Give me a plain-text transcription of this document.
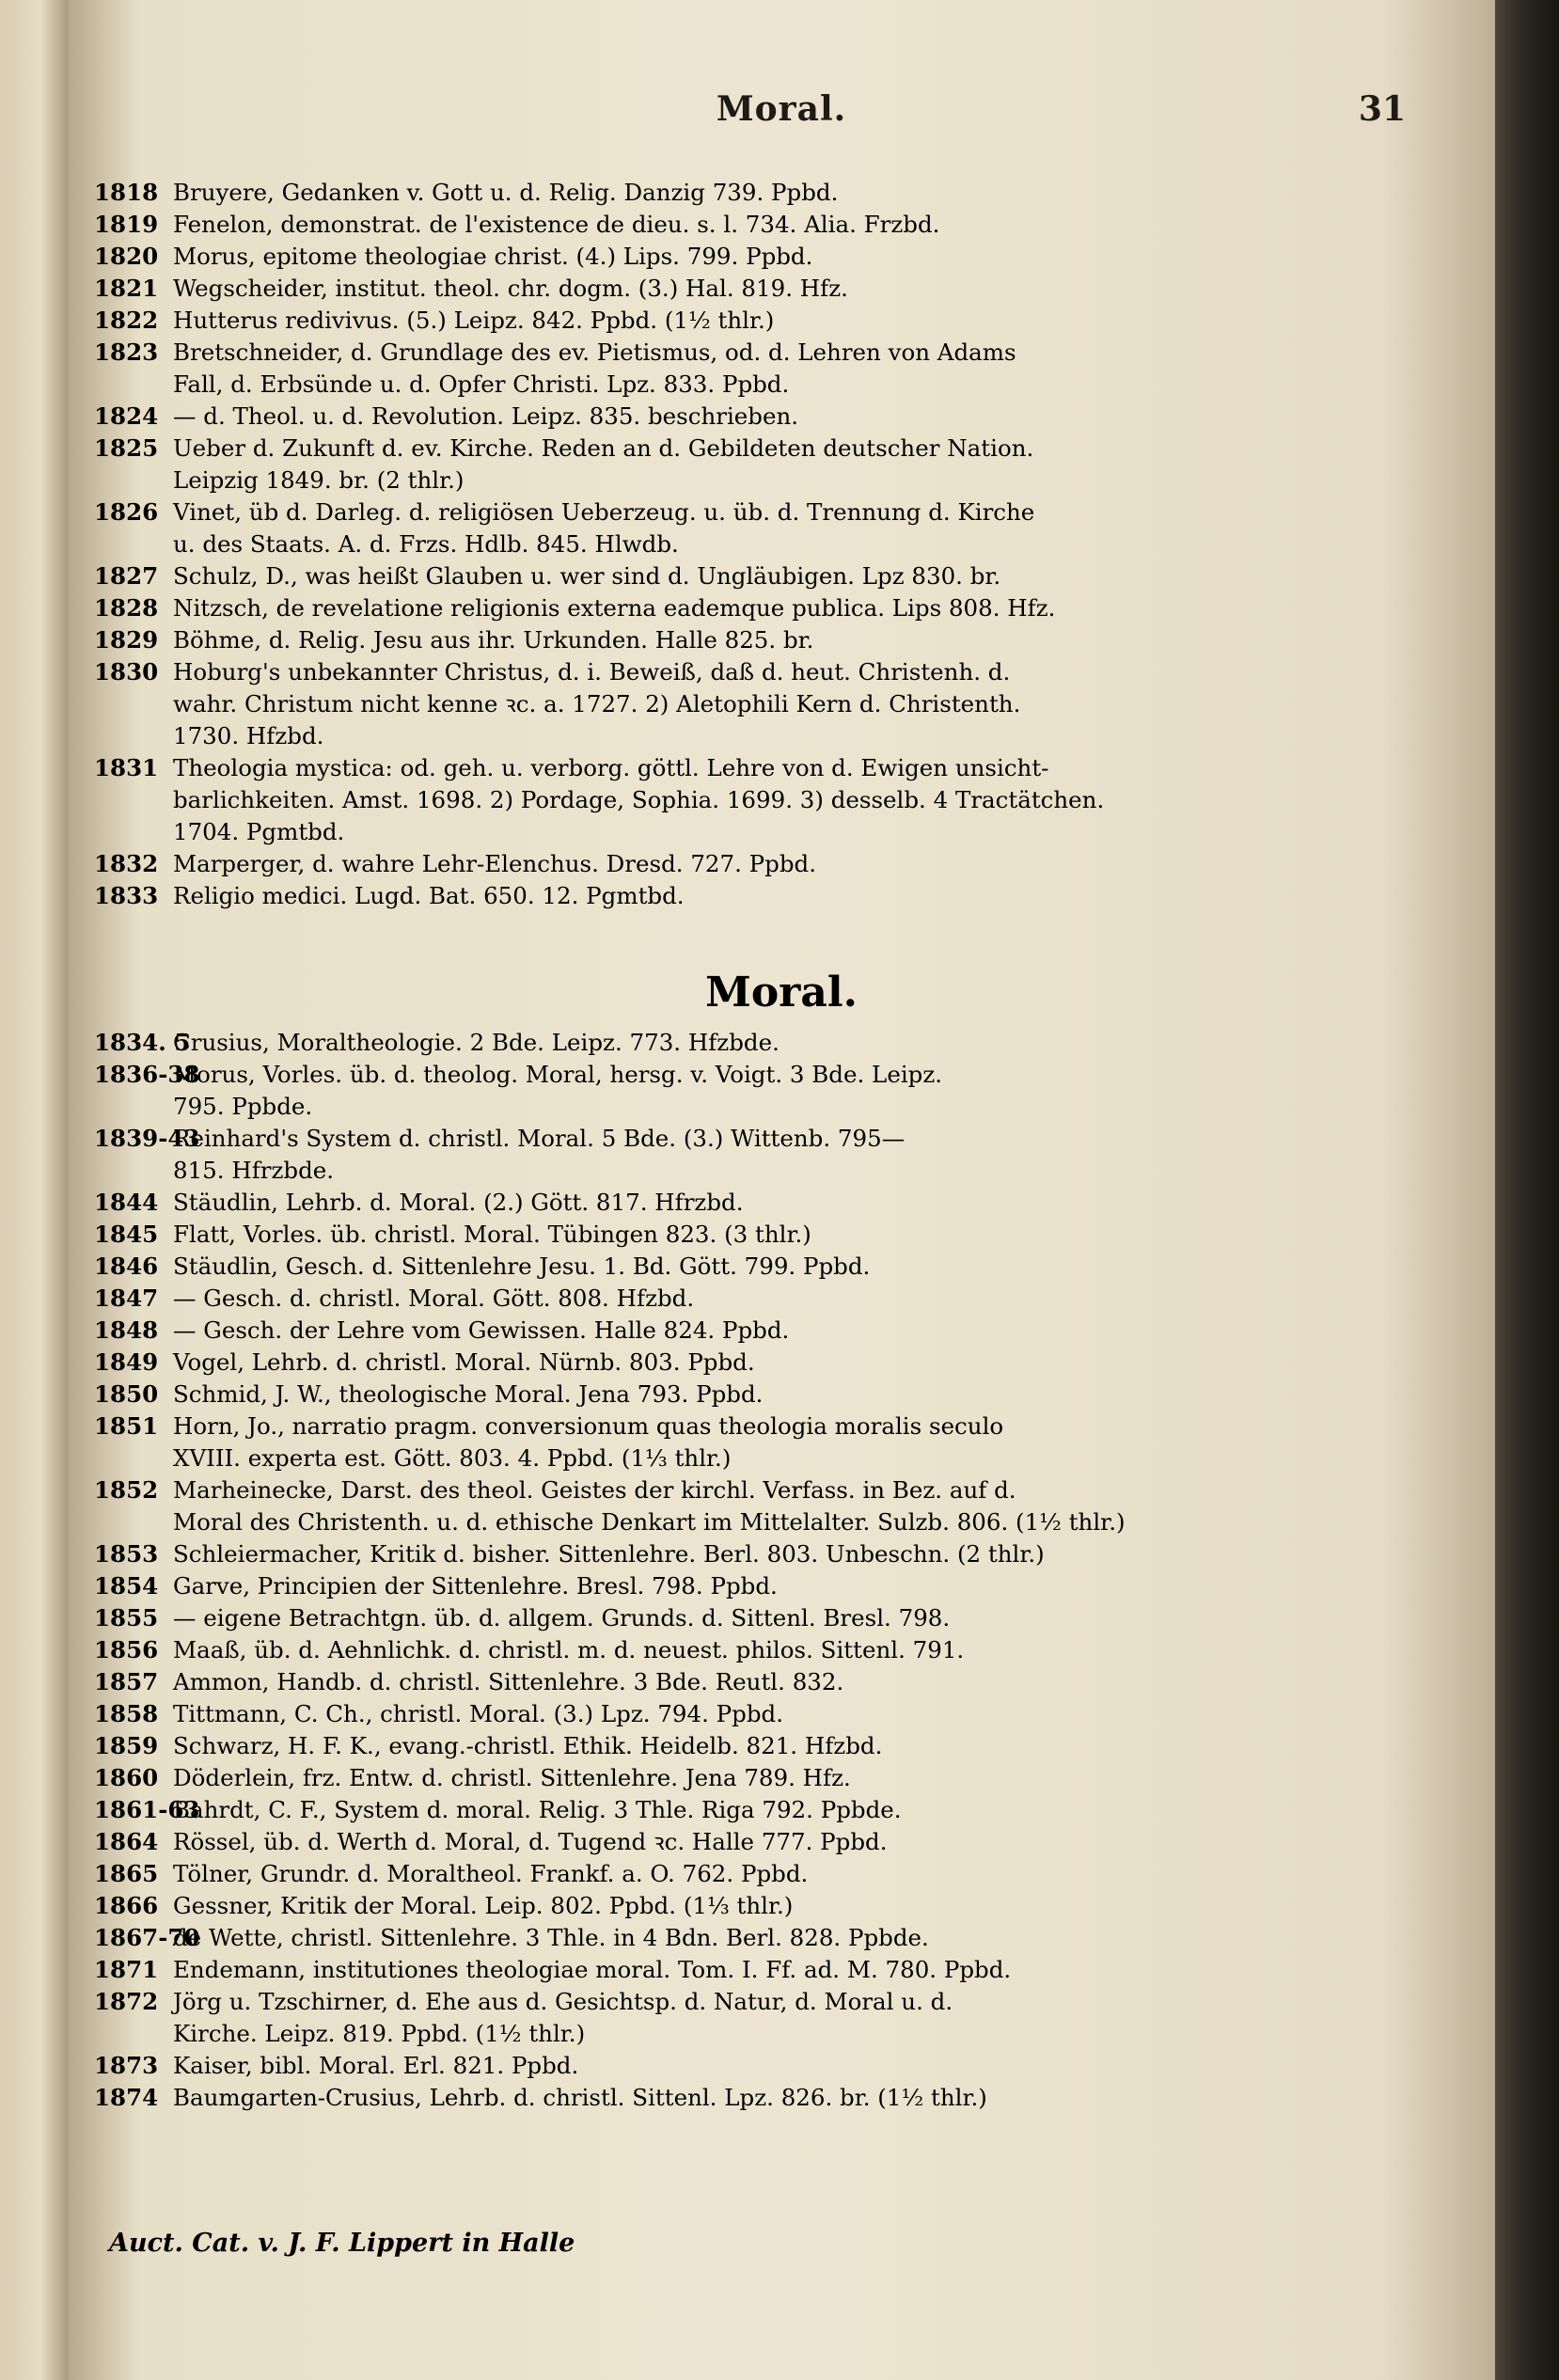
Moral.	31
1818 Bruyere, Gedanken v. Gott u. d. Relig. Danzig 739. Ppbd.
1819 Fenelon, demonstrat. de l'existence de dieu. s. l. 734. Alia. Frzbd.
1820 Morus, epitome theologiae christ. (4.) Lips. 799. Ppbd.
1821 Wegscheider, institut. theol. chr. dogm. (3.) Hal. 819. Hfz.
1822 Hutterus redivivus. (5.) Leipz. 842. Ppbd. (1½ thlr.)
1823 Bretschneider, d. Grundlage des ev. Pietismus, od. d. Lehren von Adams
Fall, d. Erbsünde u. d. Opfer Christi. Lpz. 833. Ppbd.
1824 — d. Theol. u. d. Revolution. Leipz. 835. beschrieben.
1825 Ueber d. Zukunft d. ev. Kirche. Reden an d. Gebildeten deutscher Nation.
Leipzig 1849. br. (2 thlr.)
1826 Vinet, üb d. Darleg. d. religiösen Ueberzeug. u. üb. d. Trennung d. Kirche
u. des Staats. A. d. Frzs. Hdlb. 845. Hlwdb.
1827 Schulz, D., was heißt Glauben u. wer sind d. Ungläubigen. Lpz 830. br.
1828 Nitzsch, de revelatione religionis externa eademque publica. Lips 808. Hfz.
1829 Böhme, d. Relig. Jesu aus ihr. Urkunden. Halle 825. br.
1830 Hoburg's unbekannter Christus, d. i. Beweiß, daß d. heut. Christenh. d.
wahr. Christum nicht kenne ꝛc. a. 1727. 2) Aletophili Kern d. Christenth.
1730. Hfzbd.
1831 Theologia mystica: od. geh. u. verborg. göttl. Lehre von d. Ewigen unsicht-
barlichkeiten. Amst. 1698. 2) Pordage, Sophia. 1699. 3) desselb. 4 Tractätchen.
1704. Pgmtbd.
1832 Marperger, d. wahre Lehr-Elenchus. Dresd. 727. Ppbd.
1833 Religio medici. Lugd. Bat. 650. 12. Pgmtbd.
Moral.
1834. 5
Crusius, Moraltheologie. 2 Bde. Leipz. 773. Hfzbde.
1836-38
Morus, Vorles. üb. d. theolog. Moral, hersg. v. Voigt. 3 Bde. Leipz.
795. Ppbde.
1839-43
Reinhard's System d. christl. Moral. 5 Bde. (3.) Wittenb. 795—
815. Hfrzbde.
1844 Stäudlin, Lehrb. d. Moral. (2.) Gött. 817. Hfrzbd.
1845 Flatt, Vorles. üb. christl. Moral. Tübingen 823. (3 thlr.)
1846 Stäudlin, Gesch. d. Sittenlehre Jesu. 1. Bd. Gött. 799. Ppbd.
1847 — Gesch. d. christl. Moral. Gött. 808. Hfzbd.
1848 — Gesch. der Lehre vom Gewissen. Halle 824. Ppbd.
1849 Vogel, Lehrb. d. christl. Moral. Nürnb. 803. Ppbd.
1850 Schmid, J. W., theologische Moral. Jena 793. Ppbd.
1851 Horn, Jo., narratio pragm. conversionum quas theologia moralis seculo
XVIII. experta est. Gött. 803. 4. Ppbd. (1⅓ thlr.)
1852 Marheinecke, Darst. des theol. Geistes der kirchl. Verfass. in Bez. auf d.
Moral des Christenth. u. d. ethische Denkart im Mittelalter. Sulzb. 806. (1½ thlr.)
1853 Schleiermacher, Kritik d. bisher. Sittenlehre. Berl. 803. Unbeschn. (2 thlr.)
1854 Garve, Principien der Sittenlehre. Bresl. 798. Ppbd.
1855 — eigene Betrachtgn. üb. d. allgem. Grunds. d. Sittenl. Bresl. 798.
1856 Maaß, üb. d. Aehnlichk. d. christl. m. d. neuest. philos. Sittenl. 791.
1857 Ammon, Handb. d. christl. Sittenlehre. 3 Bde. Reutl. 832.
1858 Tittmann, C. Ch., christl. Moral. (3.) Lpz. 794. Ppbd.
1859 Schwarz, H. F. K., evang.-christl. Ethik. Heidelb. 821. Hfzbd.
1860 Döderlein, frz. Entw. d. christl. Sittenlehre. Jena 789. Hfz.
1861-63
Bahrdt, C. F., System d. moral. Relig. 3 Thle. Riga 792. Ppbde.
1864 Rössel, üb. d. Werth d. Moral, d. Tugend ꝛc. Halle 777. Ppbd.
1865 Tölner, Grundr. d. Moraltheol. Frankf. a. O. 762. Ppbd.
1866 Gessner, Kritik der Moral. Leip. 802. Ppbd. (1⅓ thlr.)
1867-70
de Wette, christl. Sittenlehre. 3 Thle. in 4 Bdn. Berl. 828. Ppbde.
1871 Endemann, institutiones theologiae moral. Tom. I. Ff. ad. M. 780. Ppbd.
1872 Jörg u. Tzschirner, d. Ehe aus d. Gesichtsp. d. Natur, d. Moral u. d.
Kirche. Leipz. 819. Ppbd. (1½ thlr.)
1873 Kaiser, bibl. Moral. Erl. 821. Ppbd.
1874 Baumgarten-Crusius, Lehrb. d. christl. Sittenl. Lpz. 826. br. (1½ thlr.)
Auct. Cat. v. J. F. Lippert in Halle
